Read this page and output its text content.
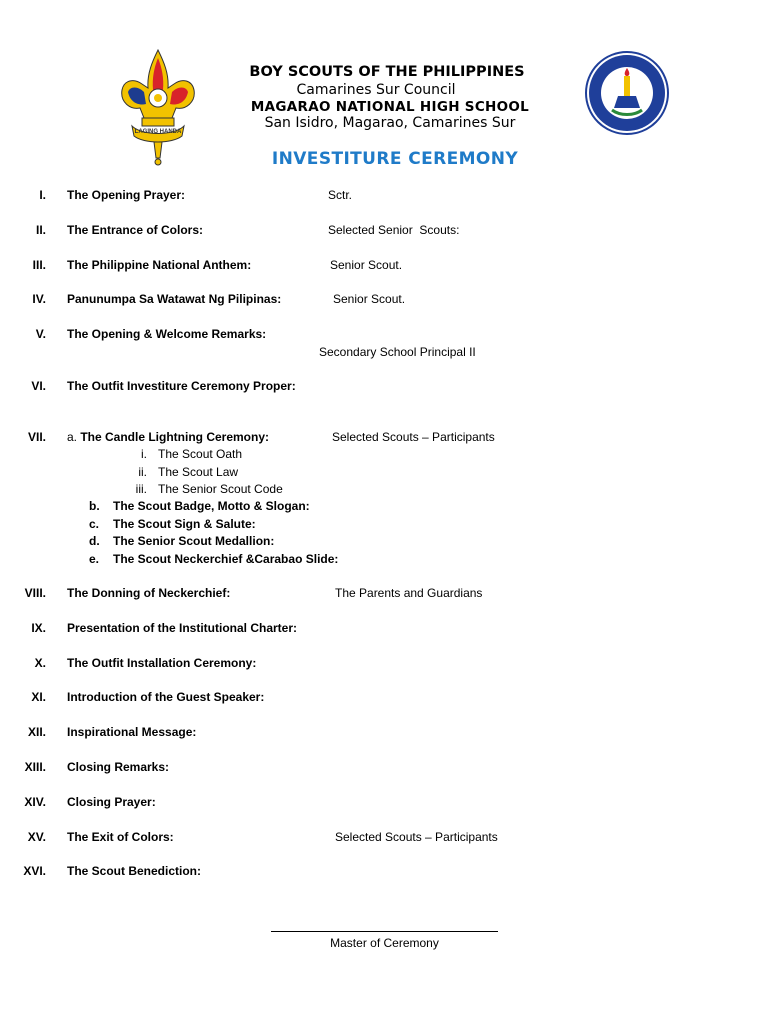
LAGING HANDA
BOY SCOUTS OF THE PHILIPPINES
Camarines Sur Council
MAGARAO NATIONAL HIGH SCHOOL
San Isidro, Magarao, Camarines Sur
INVESTITURE CEREMONY
I. The Opening Prayer:	Sctr.
II. The Entrance of Colors:	Selected Senior  Scouts:
III. The Philippine National Anthem:	Senior Scout.
IV. Panunumpa Sa Watawat Ng Pilipinas:	Senior Scout.
V. The Opening & Welcome Remarks:
Secondary School Principal II
VI. The Outfit Investiture Ceremony Proper:
VII. a. The Candle Lightning Ceremony:	Selected Scouts – Participants
i. The Scout Oath
ii. The Scout Law
iii. The Senior Scout Code
b. The Scout Badge, Motto & Slogan:
c. The Scout Sign & Salute:
d. The Senior Scout Medallion:
e. The Scout Neckerchief &Carabao Slide:
VIII. The Donning of Neckerchief:	The Parents and Guardians
IX. Presentation of the Institutional Charter:
X. The Outfit Installation Ceremony:
XI. Introduction of the Guest Speaker:
XII. Inspirational Message:
XIII. Closing Remarks:
XIV. Closing Prayer:
XV. The Exit of Colors:	Selected Scouts – Participants
XVI. The Scout Benediction:
Master of Ceremony
